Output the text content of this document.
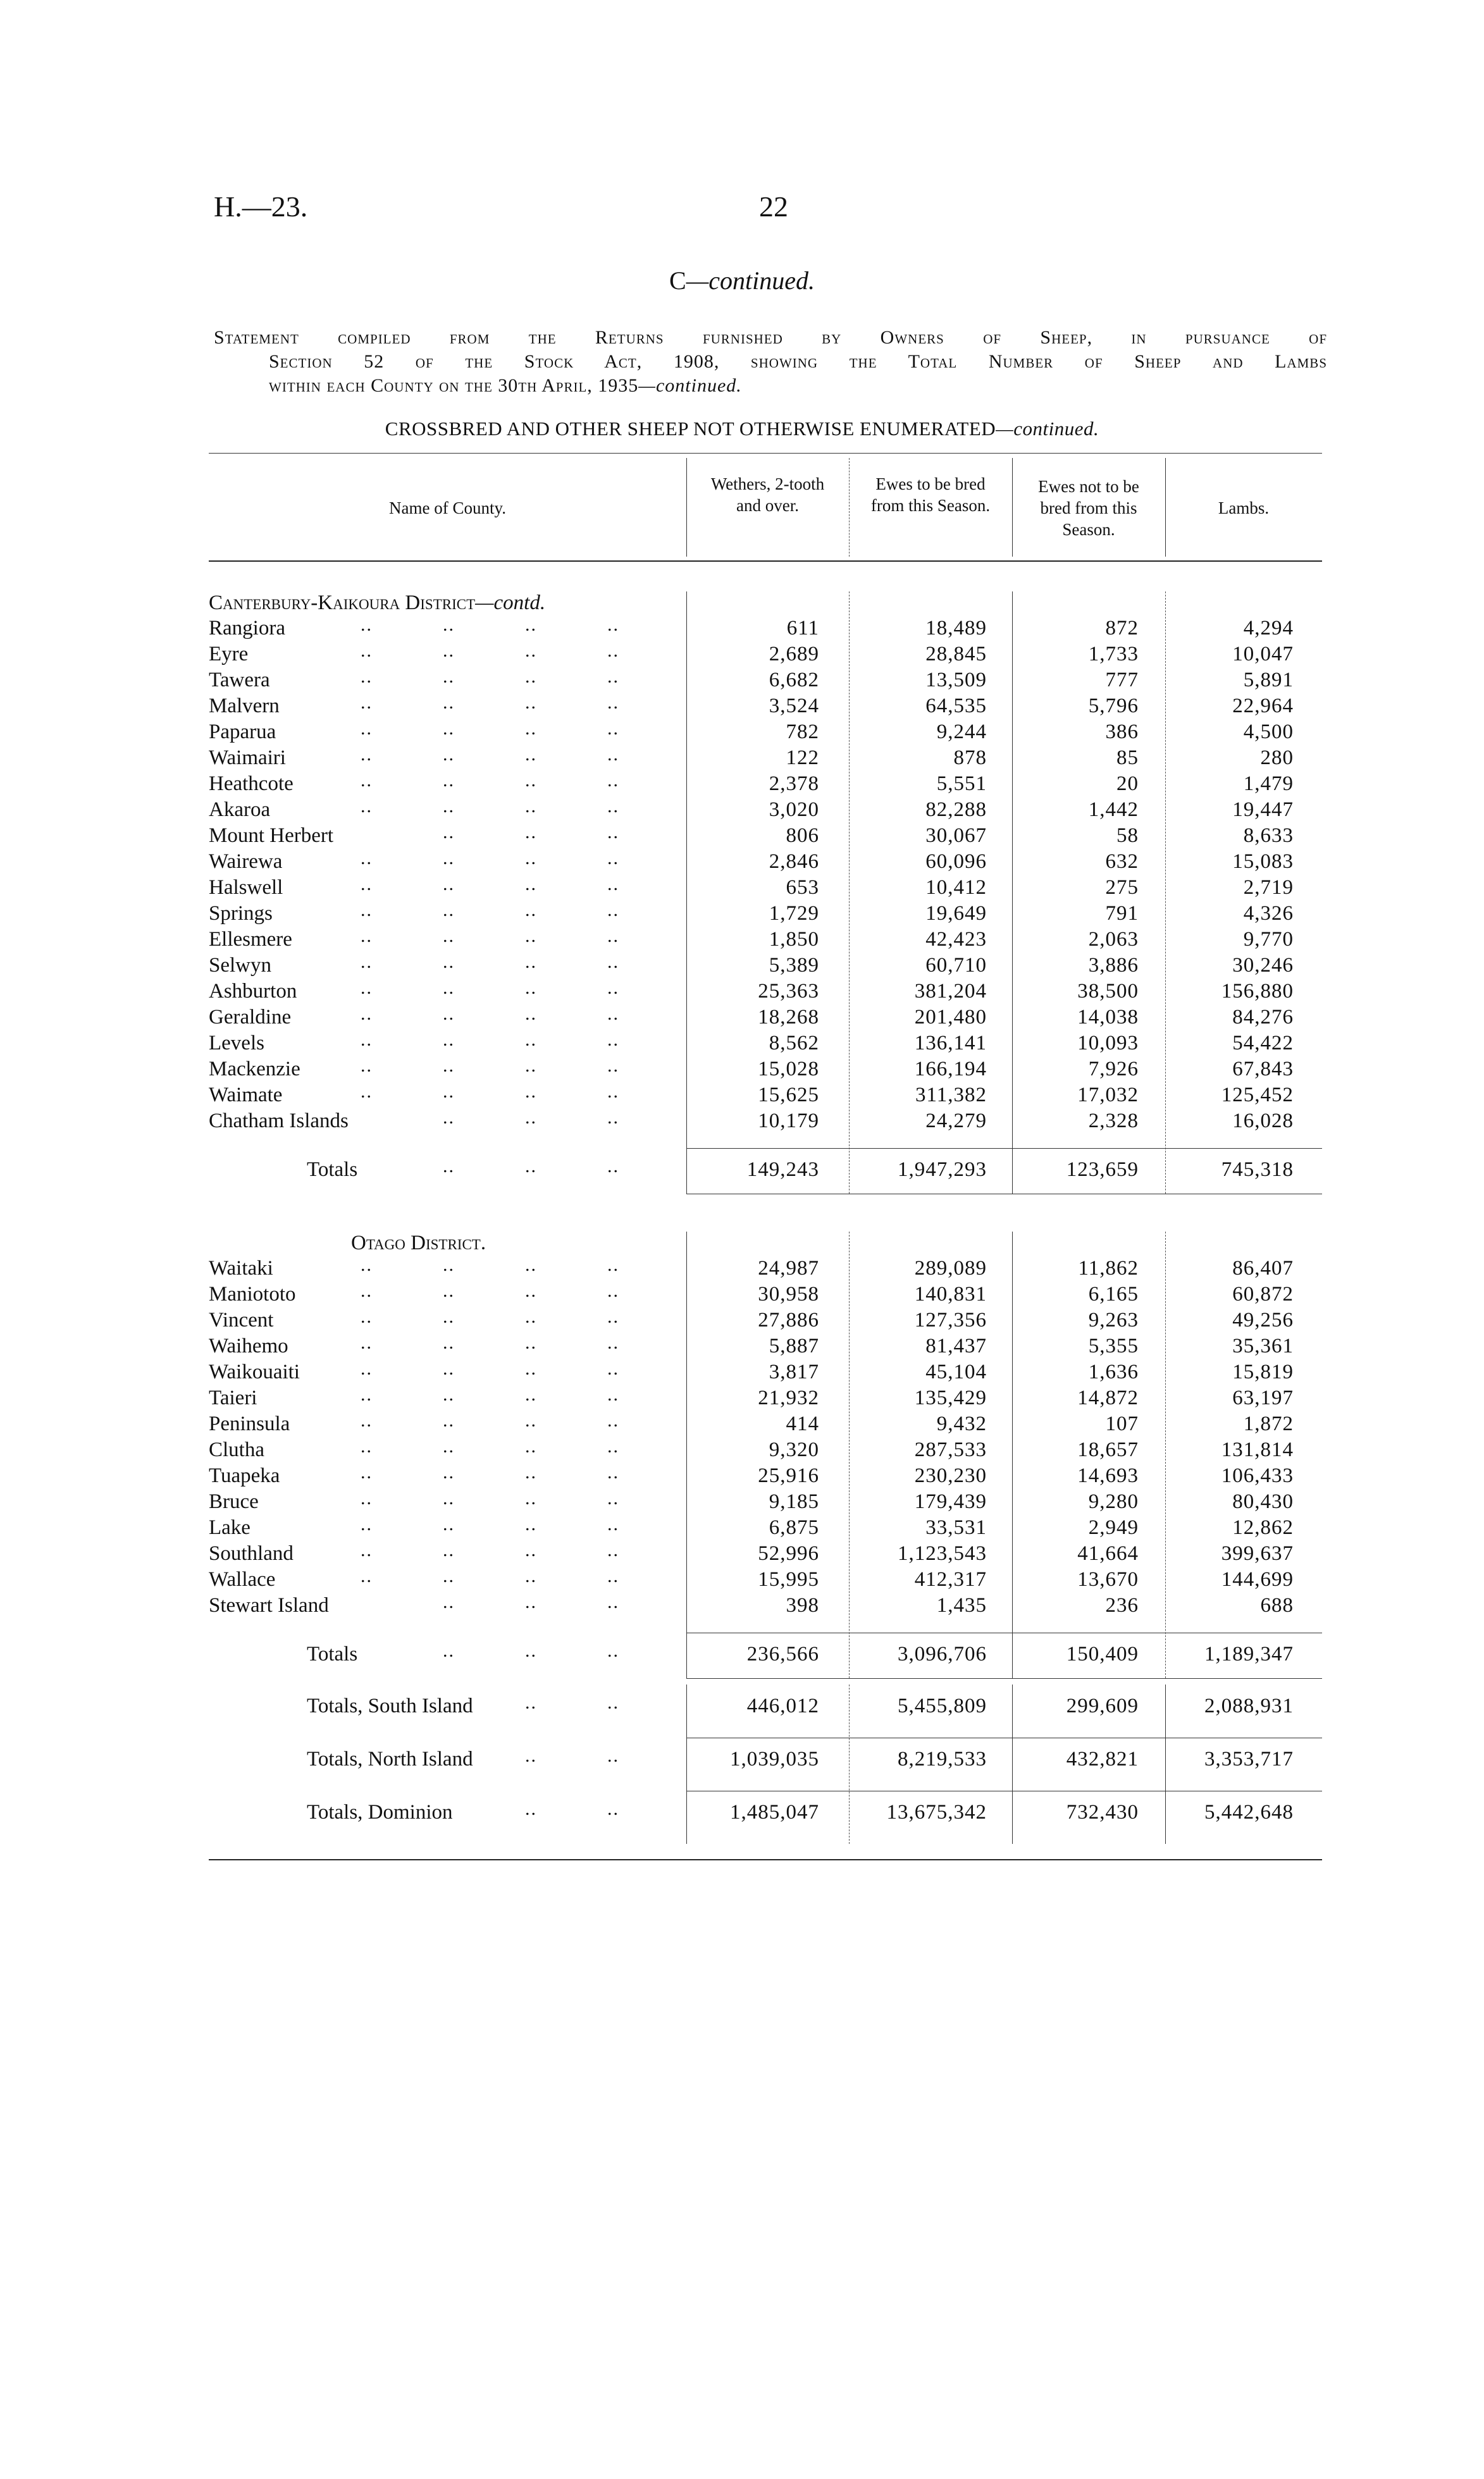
H.—23.	22
C—continued.
Statement compiled from the Returns furnished by Owners of Sheep, in pursuance of
Section 52 of the Stock Act, 1908, showing the Total Number of Sheep and Lambs
within each County on the 30th April, 1935—continued.
CROSSBRED AND OTHER SHEEP NOT OTHERWISE ENUMERATED—continued.
Name of County.
Wethers, 2-tooth and over.
Ewes to be bred from this Season.
Ewes not to be bred from this Season.
Lambs.
Canterbury-Kaikoura District—contd.
Rangiora	..	..	..	..	611	18,489	872	4,294
Eyre	..	..	..	..	2,689	28,845	1,733	10,047
Tawera	..	..	..	..	6,682	13,509	777	5,891
Malvern	..	..	..	..	3,524	64,535	5,796	22,964
Paparua	..	..	..	..	782	9,244	386	4,500
Waimairi	..	..	..	..	122	878	85	280
Heathcote	..	..	..	..	2,378	5,551	20	1,479
Akaroa	..	..	..	..	3,020	82,288	1,442	19,447
Mount Herbert	..	..	..	806	30,067	58	8,633
Wairewa	..	..	..	..	2,846	60,096	632	15,083
Halswell	..	..	..	..	653	10,412	275	2,719
Springs	..	..	..	..	1,729	19,649	791	4,326
Ellesmere	..	..	..	..	1,850	42,423	2,063	9,770
Selwyn	..	..	..	..	5,389	60,710	3,886	30,246
Ashburton	..	..	..	..	25,363	381,204	38,500	156,880
Geraldine	..	..	..	..	18,268	201,480	14,038	84,276
Levels	..	..	..	..	8,562	136,141	10,093	54,422
Mackenzie	..	..	..	..	15,028	166,194	7,926	67,843
Waimate	..	..	..	..	15,625	311,382	17,032	125,452
Chatham Islands	..	..	..	10,179	24,279	2,328	16,028
Totals	..	..	..	149,243	1,947,293	123,659	745,318
Otago District.
Waitaki	..	..	..	..	24,987	289,089	11,862	86,407
Maniototo	..	..	..	..	30,958	140,831	6,165	60,872
Vincent	..	..	..	..	27,886	127,356	9,263	49,256
Waihemo	..	..	..	..	5,887	81,437	5,355	35,361
Waikouaiti	..	..	..	..	3,817	45,104	1,636	15,819
Taieri	..	..	..	..	21,932	135,429	14,872	63,197
Peninsula	..	..	..	..	414	9,432	107	1,872
Clutha	..	..	..	..	9,320	287,533	18,657	131,814
Tuapeka	..	..	..	..	25,916	230,230	14,693	106,433
Bruce	..	..	..	..	9,185	179,439	9,280	80,430
Lake	..	..	..	..	6,875	33,531	2,949	12,862
Southland	..	..	..	..	52,996	1,123,543	41,664	399,637
Wallace	..	..	..	..	15,995	412,317	13,670	144,699
Stewart Island	..	..	..	398	1,435	236	688
Totals	..	..	..	236,566	3,096,706	150,409	1,189,347
Totals, South Island	..	..	446,012	5,455,809	299,609	2,088,931
Totals, North Island	..	..	1,039,035	8,219,533	432,821	3,353,717
Totals, Dominion	..	..	1,485,047	13,675,342	732,430	5,442,648
